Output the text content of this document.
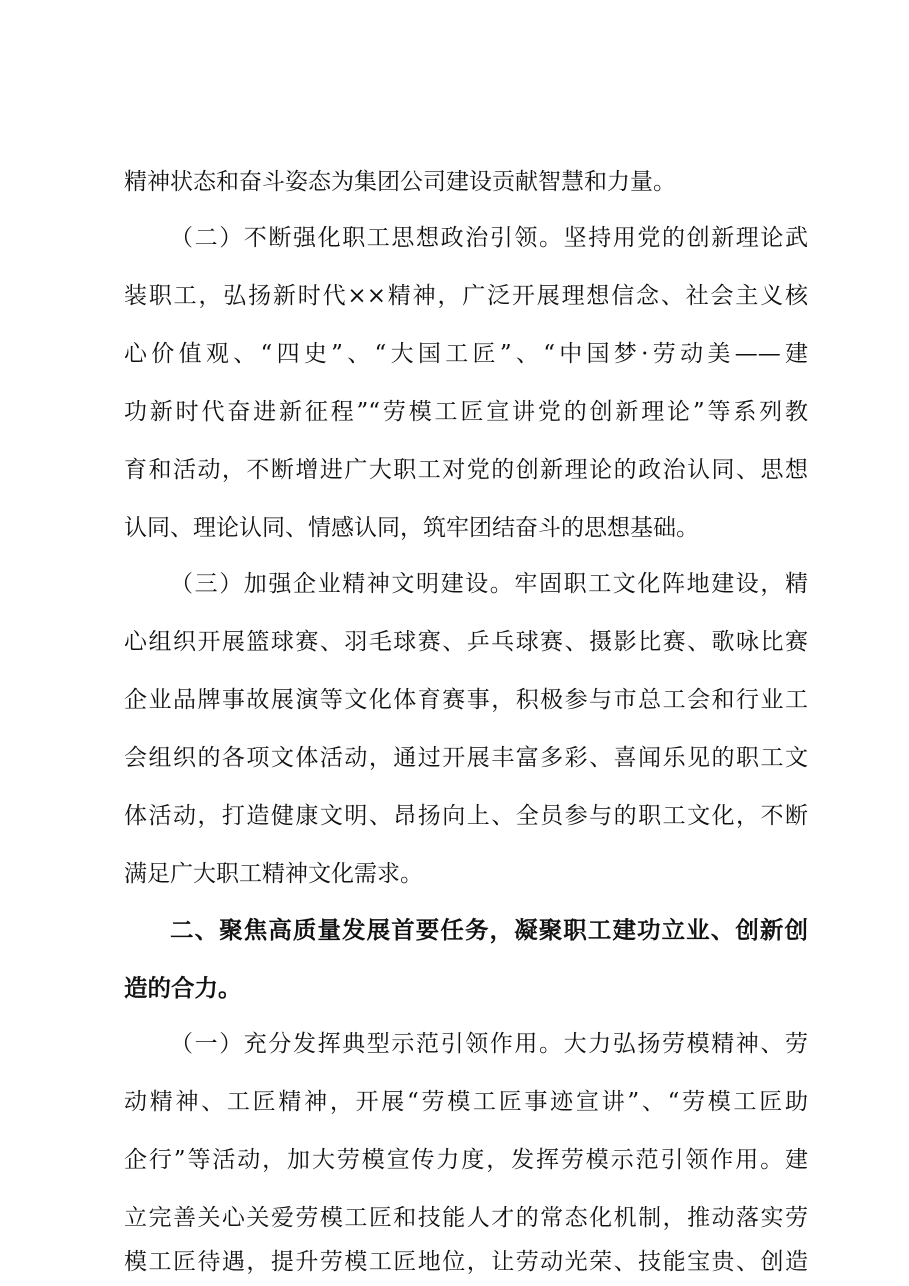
精神状态和奋斗姿态为集团公司建设贡献智慧和力量。
（二）不断强化职工思想政治引领。坚持用党的创新理论武
装职工，弘扬新时代××精神，广泛开展理想信念、社会主义核
心价值观、“四史”、“大国工匠”、“中国梦·劳动美——建
功新时代奋进新征程”“劳模工匠宣讲党的创新理论”等系列教
育和活动，不断增进广大职工对党的创新理论的政治认同、思想
认同、理论认同、情感认同，筑牢团结奋斗的思想基础。
（三）加强企业精神文明建设。牢固职工文化阵地建设，精
心组织开展篮球赛、羽毛球赛、乒乓球赛、摄影比赛、歌咏比赛
企业品牌事故展演等文化体育赛事，积极参与市总工会和行业工
会组织的各项文体活动，通过开展丰富多彩、喜闻乐见的职工文
体活动，打造健康文明、昂扬向上、全员参与的职工文化，不断
满足广大职工精神文化需求。
二、聚焦高质量发展首要任务，凝聚职工建功立业、创新创
造的合力。
（一）充分发挥典型示范引领作用。大力弘扬劳模精神、劳
动精神、工匠精神，开展“劳模工匠事迹宣讲”、“劳模工匠助
企行”等活动，加大劳模宣传力度，发挥劳模示范引领作用。建
立完善关心关爱劳模工匠和技能人才的常态化机制，推动落实劳
模工匠待遇，提升劳模工匠地位，让劳动光荣、技能宝贵、创造
